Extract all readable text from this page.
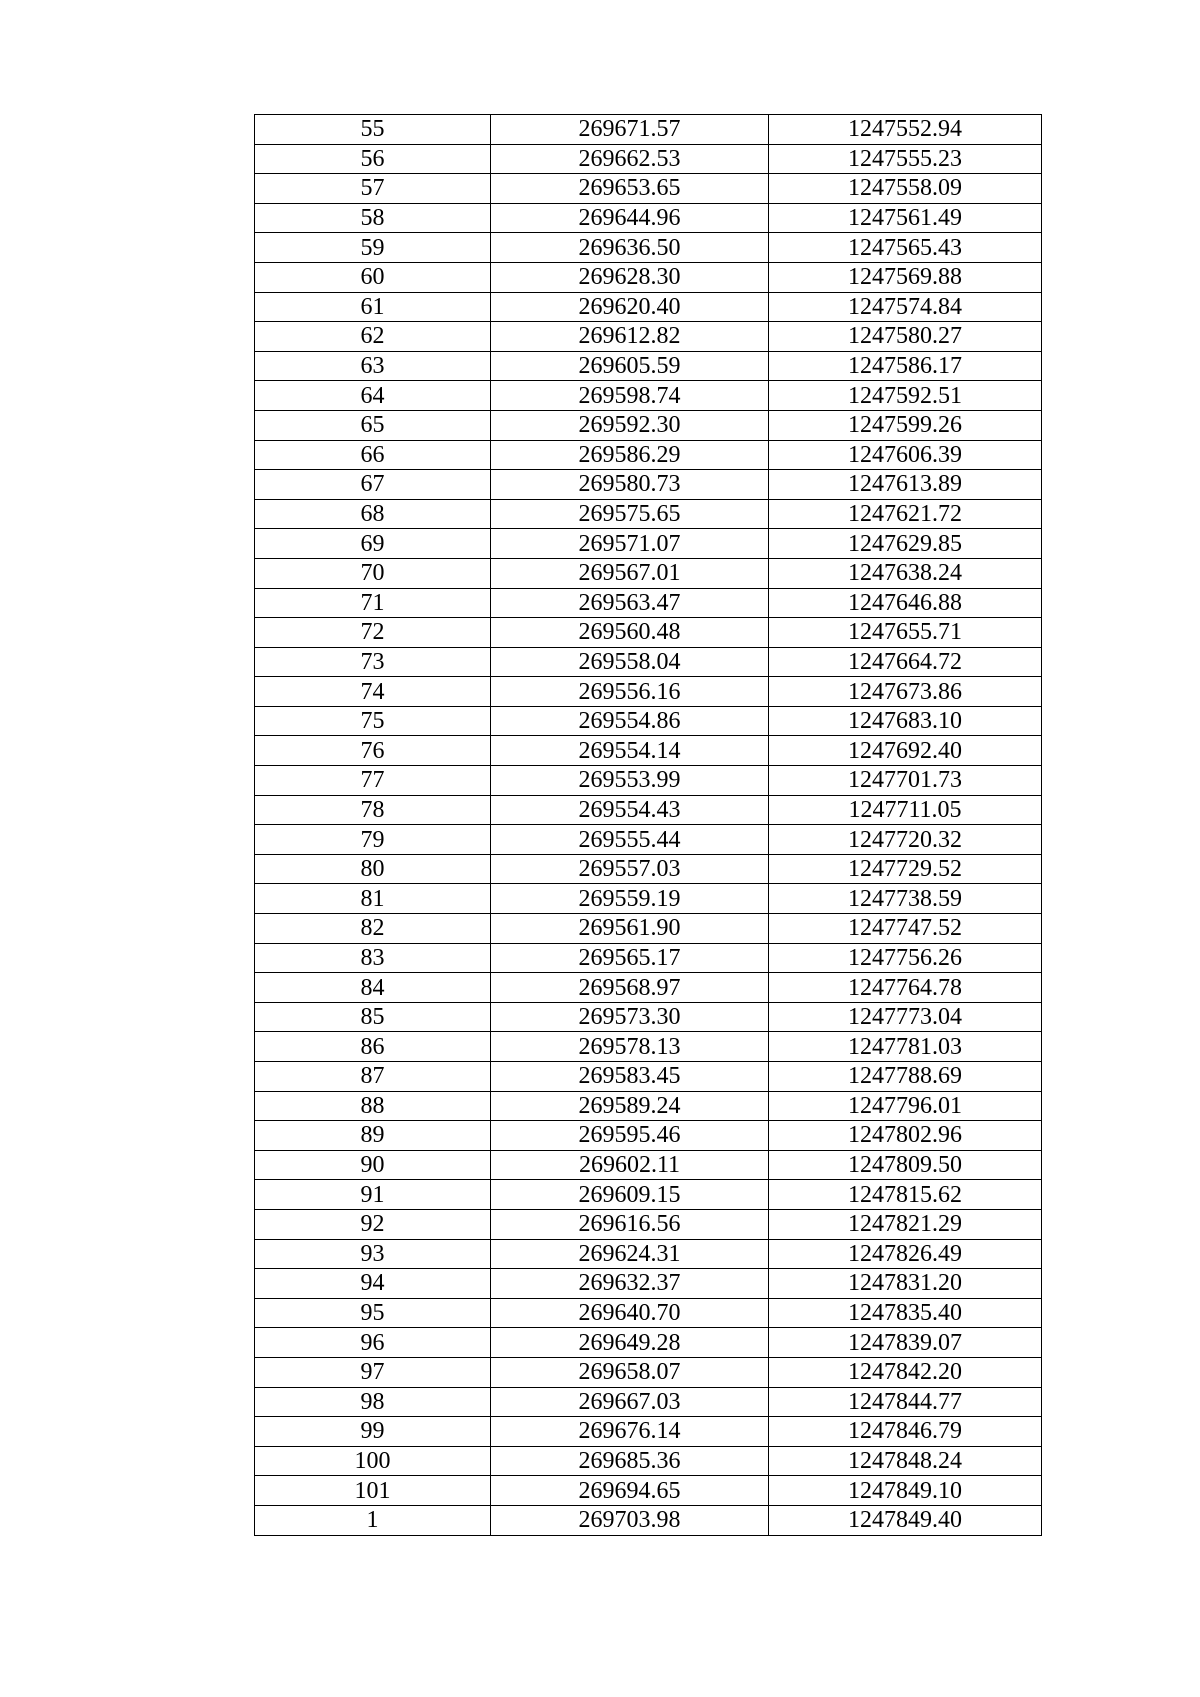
55	269671.57	1247552.94
56	269662.53	1247555.23
57	269653.65	1247558.09
58	269644.96	1247561.49
59	269636.50	1247565.43
60	269628.30	1247569.88
61	269620.40	1247574.84
62	269612.82	1247580.27
63	269605.59	1247586.17
64	269598.74	1247592.51
65	269592.30	1247599.26
66	269586.29	1247606.39
67	269580.73	1247613.89
68	269575.65	1247621.72
69	269571.07	1247629.85
70	269567.01	1247638.24
71	269563.47	1247646.88
72	269560.48	1247655.71
73	269558.04	1247664.72
74	269556.16	1247673.86
75	269554.86	1247683.10
76	269554.14	1247692.40
77	269553.99	1247701.73
78	269554.43	1247711.05
79	269555.44	1247720.32
80	269557.03	1247729.52
81	269559.19	1247738.59
82	269561.90	1247747.52
83	269565.17	1247756.26
84	269568.97	1247764.78
85	269573.30	1247773.04
86	269578.13	1247781.03
87	269583.45	1247788.69
88	269589.24	1247796.01
89	269595.46	1247802.96
90	269602.11	1247809.50
91	269609.15	1247815.62
92	269616.56	1247821.29
93	269624.31	1247826.49
94	269632.37	1247831.20
95	269640.70	1247835.40
96	269649.28	1247839.07
97	269658.07	1247842.20
98	269667.03	1247844.77
99	269676.14	1247846.79
100	269685.36	1247848.24
101	269694.65	1247849.10
1	269703.98	1247849.40
